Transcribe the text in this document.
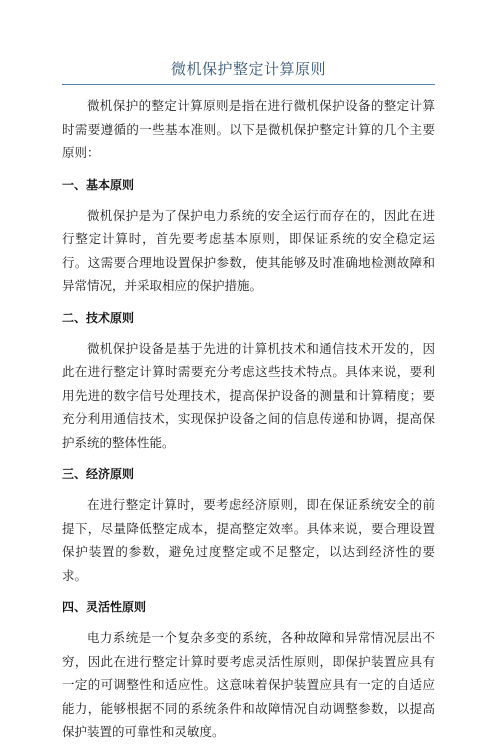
微机保护整定计算原则

微机保护的整定计算原则是指在进行微机保护设备的整定计算时需要遵循的一些基本准则。以下是微机保护整定计算的几个主要原则：

一、基本原则

微机保护是为了保护电力系统的安全运行而存在的，因此在进行整定计算时，首先要考虑基本原则，即保证系统的安全稳定运行。这需要合理地设置保护参数，使其能够及时准确地检测故障和异常情况，并采取相应的保护措施。

二、技术原则

微机保护设备是基于先进的计算机技术和通信技术开发的，因此在进行整定计算时需要充分考虑这些技术特点。具体来说，要利用先进的数字信号处理技术，提高保护设备的测量和计算精度；要充分利用通信技术，实现保护设备之间的信息传递和协调，提高保护系统的整体性能。

三、经济原则

在进行整定计算时，要考虑经济原则，即在保证系统安全的前提下，尽量降低整定成本，提高整定效率。具体来说，要合理设置保护装置的参数，避免过度整定或不足整定，以达到经济性的要求。

四、灵活性原则

电力系统是一个复杂多变的系统，各种故障和异常情况层出不穷，因此在进行整定计算时要考虑灵活性原则，即保护装置应具有一定的可调整性和适应性。这意味着保护装置应具有一定的自适应能力，能够根据不同的系统条件和故障情况自动调整参数，以提高保护装置的可靠性和灵敏度。
